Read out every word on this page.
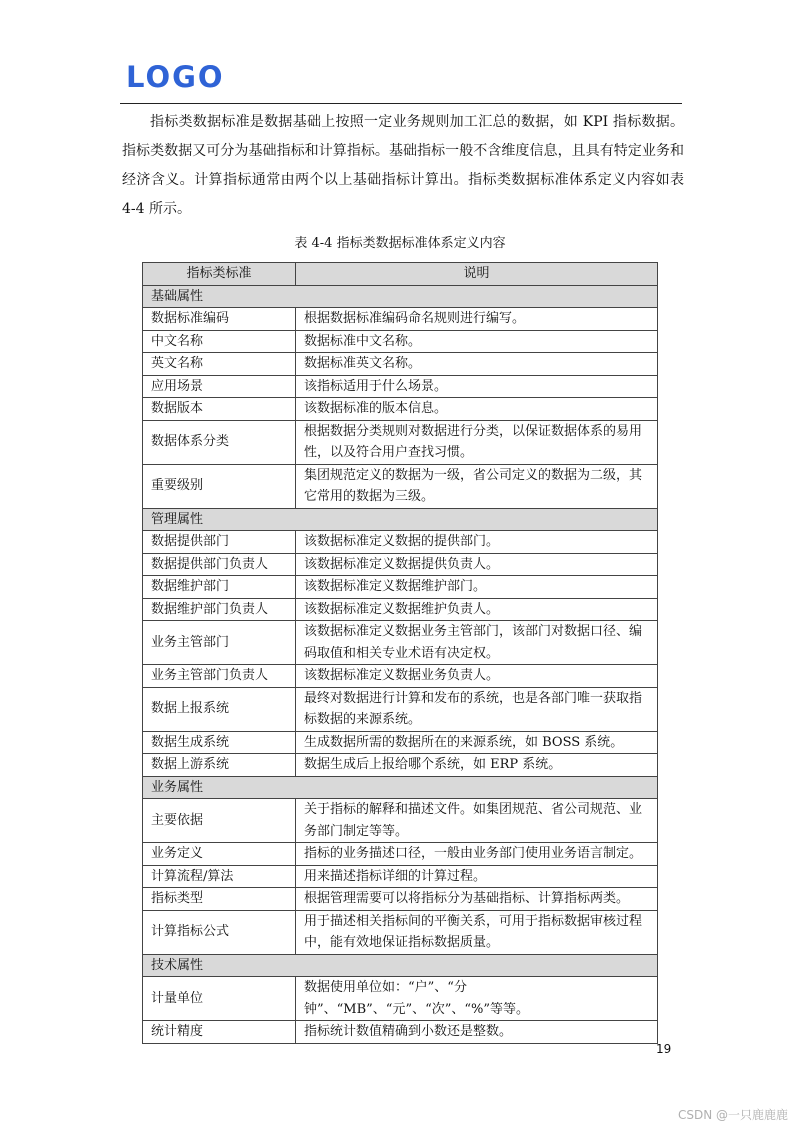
LOGO

指标类数据标准是数据基础上按照一定业务规则加工汇总的数据，如 KPI 指标数据。指标类数据又可分为基础指标和计算指标。基础指标一般不含维度信息，且具有特定业务和经济含义。计算指标通常由两个以上基础指标计算出。指标类数据标准体系定义内容如表 4-4 所示。

表 4-4 指标类数据标准体系定义内容
指标类标准	说明
基础属性	
数据标准编码	根据数据标准编码命名规则进行编写。
中文名称	数据标准中文名称。
英文名称	数据标准英文名称。
应用场景	该指标适用于什么场景。
数据版本	该数据标准的版本信息。
数据体系分类	根据数据分类规则对数据进行分类，以保证数据体系的易用性，以及符合用户查找习惯。
重要级别	集团规范定义的数据为一级，省公司定义的数据为二级，其它常用的数据为三级。
管理属性	
数据提供部门	该数据标准定义数据的提供部门。
数据提供部门负责人	该数据标准定义数据提供负责人。
数据维护部门	该数据标准定义数据维护部门。
数据维护部门负责人	该数据标准定义数据维护负责人。
业务主管部门	该数据标准定义数据业务主管部门，该部门对数据口径、编码取值和相关专业术语有决定权。
业务主管部门负责人	该数据标准定义数据业务负责人。
数据上报系统	最终对数据进行计算和发布的系统，也是各部门唯一获取指标数据的来源系统。
数据生成系统	生成数据所需的数据所在的来源系统，如 BOSS 系统。
数据上游系统	数据生成后上报给哪个系统，如 ERP 系统。
业务属性	
主要依据	关于指标的解释和描述文件。如集团规范、省公司规范、业务部门制定等等。
业务定义	指标的业务描述口径，一般由业务部门使用业务语言制定。
计算流程/算法	用来描述指标详细的计算过程。
指标类型	根据管理需要可以将指标分为基础指标、计算指标两类。
计算指标公式	用于描述相关指标间的平衡关系，可用于指标数据审核过程中，能有效地保证指标数据质量。
技术属性	
计量单位	数据使用单位如：“户”、“分钟”、“MB”、“元”、“次”、“%”等等。
统计精度	指标统计数值精确到小数还是整数。
19
CSDN @一只鹿鹿鹿
